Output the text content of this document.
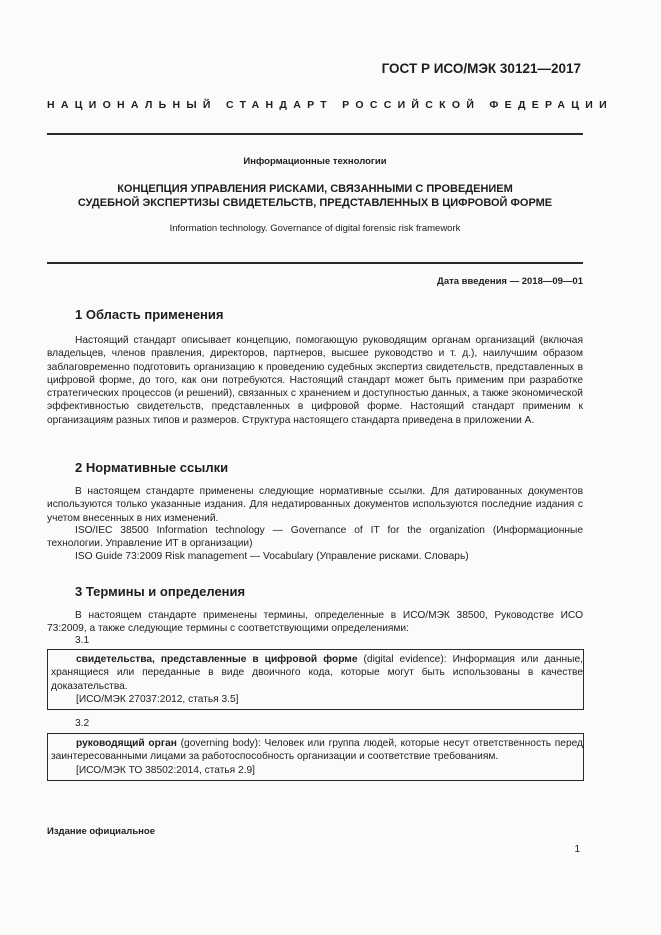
ГОСТ Р ИСО/МЭК 30121—2017
НАЦИОНАЛЬНЫЙ СТАНДАРТ РОССИЙСКОЙ ФЕДЕРАЦИИ
Информационные технологии
КОНЦЕПЦИЯ УПРАВЛЕНИЯ РИСКАМИ, СВЯЗАННЫМИ С ПРОВЕДЕНИЕМ
СУДЕБНОЙ ЭКСПЕРТИЗЫ СВИДЕТЕЛЬСТВ, ПРЕДСТАВЛЕННЫХ В ЦИФРОВОЙ ФОРМЕ
Information technology. Governance of digital forensic risk framework
Дата введения — 2018—09—01
1 Область применения

Настоящий стандарт описывает концепцию, помогающую руководящим органам организаций (включая владельцев, членов правления, директоров, партнеров, высшее руководство и т. д.), наилучшим образом заблаговременно подготовить организацию к проведению судебных экспертиз свидетельств, представленных в цифровой форме, до того, как они потребуются. Настоящий стандарт может быть применим при разработке стратегических процессов (и решений), связанных с хранением и доступностью данных, а также экономической эффективностью свидетельств, представленных в цифровой форме. Настоящий стандарт применим к организациям разных типов и размеров. Структура настоящего стандарта приведена в приложении А.

2 Нормативные ссылки

В настоящем стандарте применены следующие нормативные ссылки. Для датированных документов используются только указанные издания. Для недатированных документов используются последние издания с учетом внесенных в них изменений.

ISO/IEC 38500 Information technology — Governance of IT for the organization (Информационные технологии. Управление ИТ в организации)

ISO Guide 73:2009 Risk management — Vocabulary (Управление рисками. Словарь)

3 Термины и определения

В настоящем стандарте применены термины, определенные в ИСО/МЭК 38500, Руководстве ИСО 73:2009, а также следующие термины с соответствующими определениями:

3.1

свидетельства, представленные в цифровой форме (digital evidence): Информация или данные, хранящиеся или переданные в виде двоичного кода, которые могут быть использованы в качестве доказательства.

[ИСО/МЭК 27037:2012, статья 3.5]

3.2

руководящий орган (governing body): Человек или группа людей, которые несут ответственность перед заинтересованными лицами за работоспособность организации и соответствие требованиям.

[ИСО/МЭК ТО 38502:2014, статья 2.9]

Издание официальное
1
